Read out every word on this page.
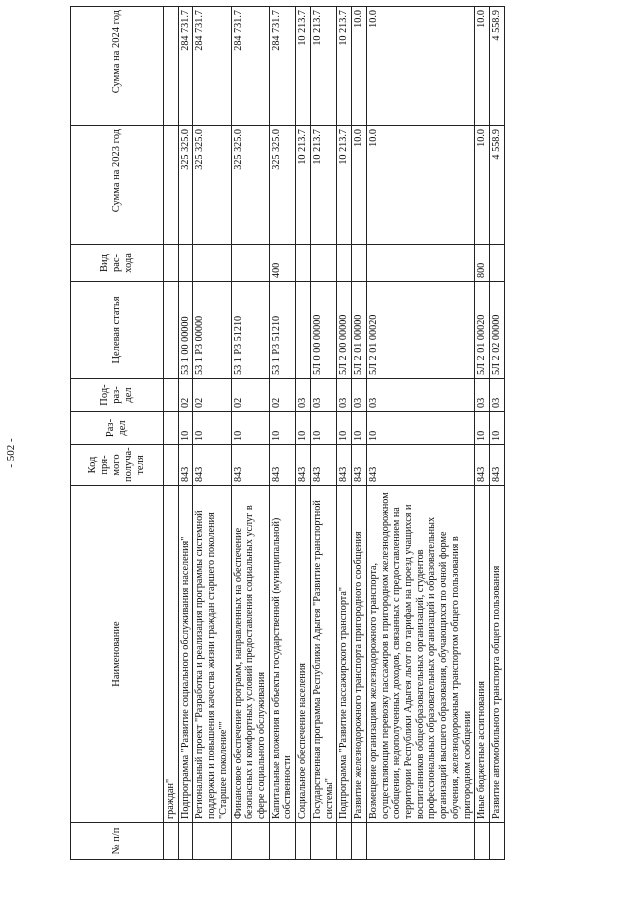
- 502 -
№ п/п	Наименование	Код пря-мого получа-теля	Раз-дел	Под-раз-дел	Целевая статья	Вид рас-хода	Сумма на 2023 год	Сумма на 2024 год
	граждан"							
	Подпрограмма "Развитие социального обслуживания населения"	843	10	02	53 1 00 00000		325 325.0	284 731.7
	Региональный проект "Разработка и реализация программы системной поддержки и повышения качества жизни граждан старшего поколения "Старшее поколение""	843	10	02	53 1 P3 00000		325 325.0	284 731.7
	Финансовое обеспечение программ, направленных на обеспечение безопасных и комфортных условий предоставления социальных услуг в сфере социального обслуживания	843	10	02	53 1 P3 51210		325 325.0	284 731.7
	Капитальные вложения в объекты государственной (муниципальной) собственности	843	10	02	53 1 P3 51210	400	325 325.0	284 731.7
	Социальное обеспечение населения	843	10	03			10 213.7	10 213.7
	Государственная программа Республики Адыгея "Развитие транспортной системы"	843	10	03	5Л 0 00 00000		10 213.7	10 213.7
	Подпрограмма "Развитие пассажирского транспорта"	843	10	03	5Л 2 00 00000		10 213.7	10 213.7
	Развитие железнодорожного транспорта пригородного сообщения	843	10	03	5Л 2 01 00000		10.0	10.0
	Возмещение организациям железнодорожного транспорта, осуществляющим перевозку пассажиров в пригородном железнодорожном сообщении, недополученных доходов, связанных с предоставлением на территории Республики Адыгея льгот по тарифам на проезд учащихся и воспитанников общеобразовательных организаций, студентов профессиональных образовательных организаций и образовательных организаций высшего образования, обучающихся по очной форме обучения, железнодорожным транспортом общего пользования в пригородном сообщении	843	10	03	5Л 2 01 00020		10.0	10.0
	Иные бюджетные ассигнования	843	10	03	5Л 2 01 00020	800	10.0	10.0
	Развитие автомобильного транспорта общего пользования	843	10	03	5Л 2 02 00000		4 558.9	4 558.9
